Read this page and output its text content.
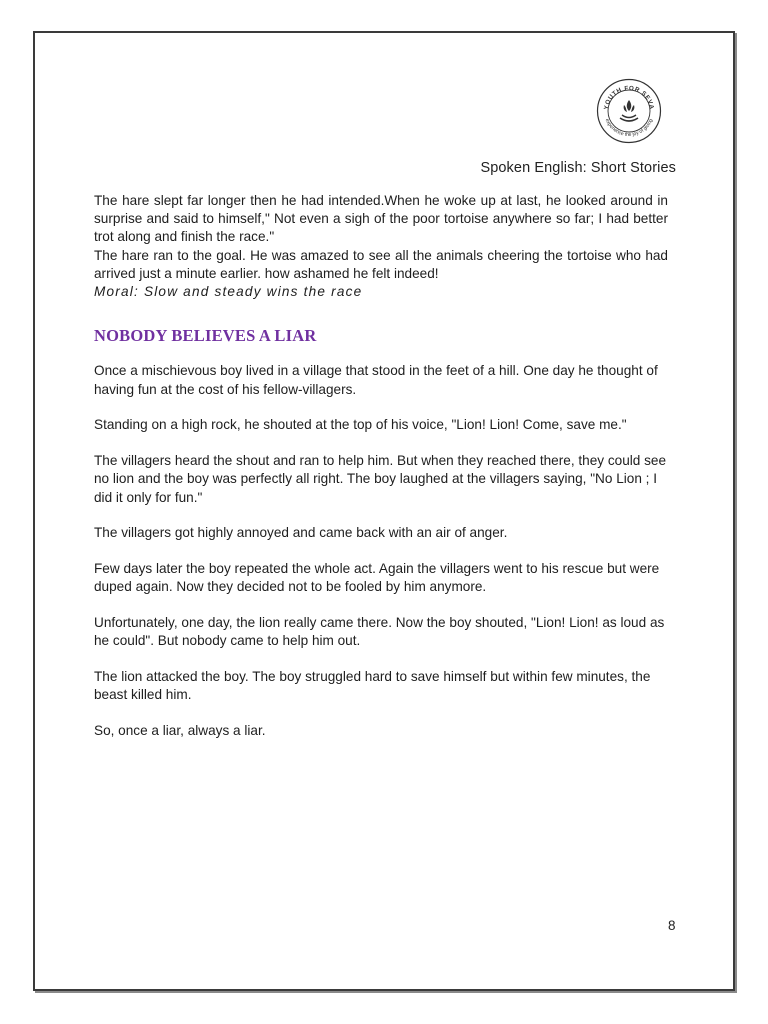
YOUTH FOR SEVA
experience the joy of giving
Spoken English: Short Stories

The hare slept far longer then he had intended.When he woke up at last, he looked around in surprise and said to himself," Not even a sigh of the poor tortoise anywhere so far; I had better trot along and finish the race."

The hare ran to the goal. He was amazed to see all the animals cheering the tortoise who had arrived just a minute earlier. how ashamed he felt indeed!

Moral: Slow and steady wins the race

NOBODY BELIEVES A LIAR

Once a mischievous boy lived in a village that stood in the feet of a hill. One day he thought of having fun at the cost of his fellow-villagers.

Standing on a high rock, he shouted at the top of his voice, "Lion! Lion! Come, save me."

The villagers heard the shout and ran to help him. But when they reached there, they could see no lion and the boy was perfectly all right. The boy laughed at the villagers saying, "No Lion ; I did it only for fun."

The villagers got highly annoyed and came back with an air of anger.

Few days later the boy repeated the whole act. Again the villagers went to his rescue but were duped again. Now they decided not to be fooled by him anymore.

Unfortunately, one day, the lion really came there. Now the boy shouted, "Lion! Lion! as loud as he could". But nobody came to help him out.

The lion attacked the boy. The boy struggled hard to save himself but within few minutes, the beast killed him.

So, once a liar, always a liar.

8
